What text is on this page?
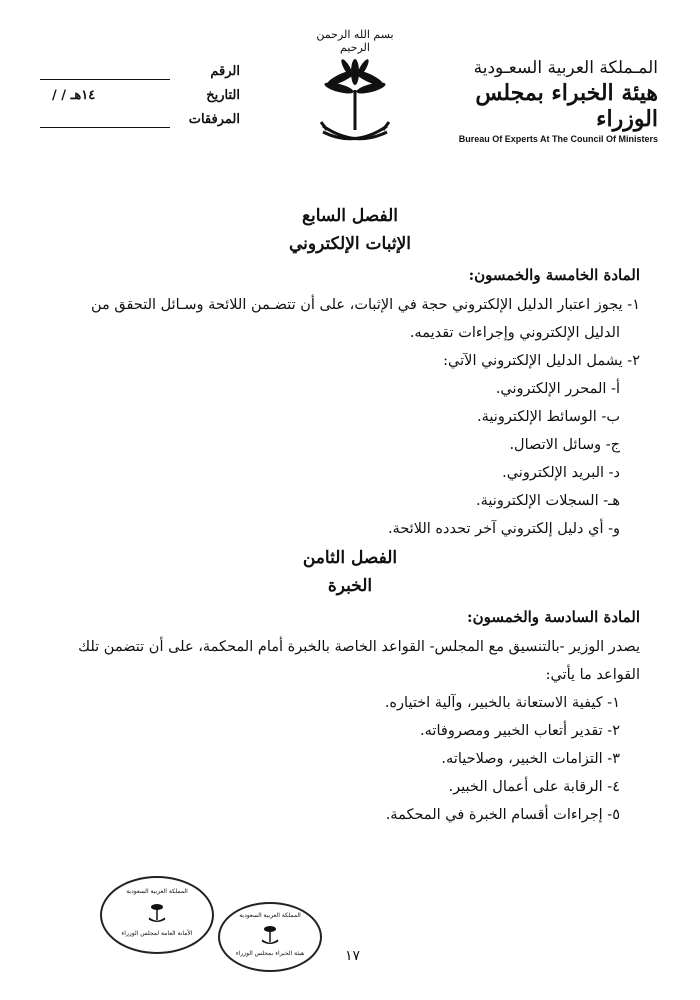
المـملكة العربية السعـودية
هيئة الخبراء بمجلس الوزراء
Bureau Of Experts At The Council Of Ministers
بسم الله الرحمن الرحيم
الرقم
التاريخ
/ / ١٤هـ
المرفقات
الفصل السابع
الإثبات الإلكتروني
المادة الخامسة والخمسون:
١- يجوز اعتبار الدليل الإلكتروني حجة في الإثبات، على أن تتضـمن اللائحة وسـائل التحقق من
الدليل الإلكتروني وإجراءات تقديمه.
٢- يشمل الدليل الإلكتروني الآتي:
أ- المحرر الإلكتروني.
ب- الوسائط الإلكترونية.
ج- وسائل الاتصال.
د- البريد الإلكتروني.
هـ- السجلات الإلكترونية.
و- أي دليل إلكتروني آخر تحدده اللائحة.
الفصل الثامن
الخبرة
المادة السادسة والخمسون:
يصدر الوزير -بالتنسيق مع المجلس- القواعد الخاصة بالخبرة أمام المحكمة، على أن تتضمن تلك
القواعد ما يأتي:
١- كيفية الاستعانة بالخبير، وآلية اختياره.
٢- تقدير أتعاب الخبير ومصروفاته.
٣- التزامات الخبير، وصلاحياته.
٤- الرقابة على أعمال الخبير.
٥- إجراءات أقسام الخبرة في المحكمة.
المملكة العربية السعودية
الأمانة العامة لمجلس الوزراء
المملكة العربية السعودية
هيئة الخبراء بمجلس الوزراء	١٧
